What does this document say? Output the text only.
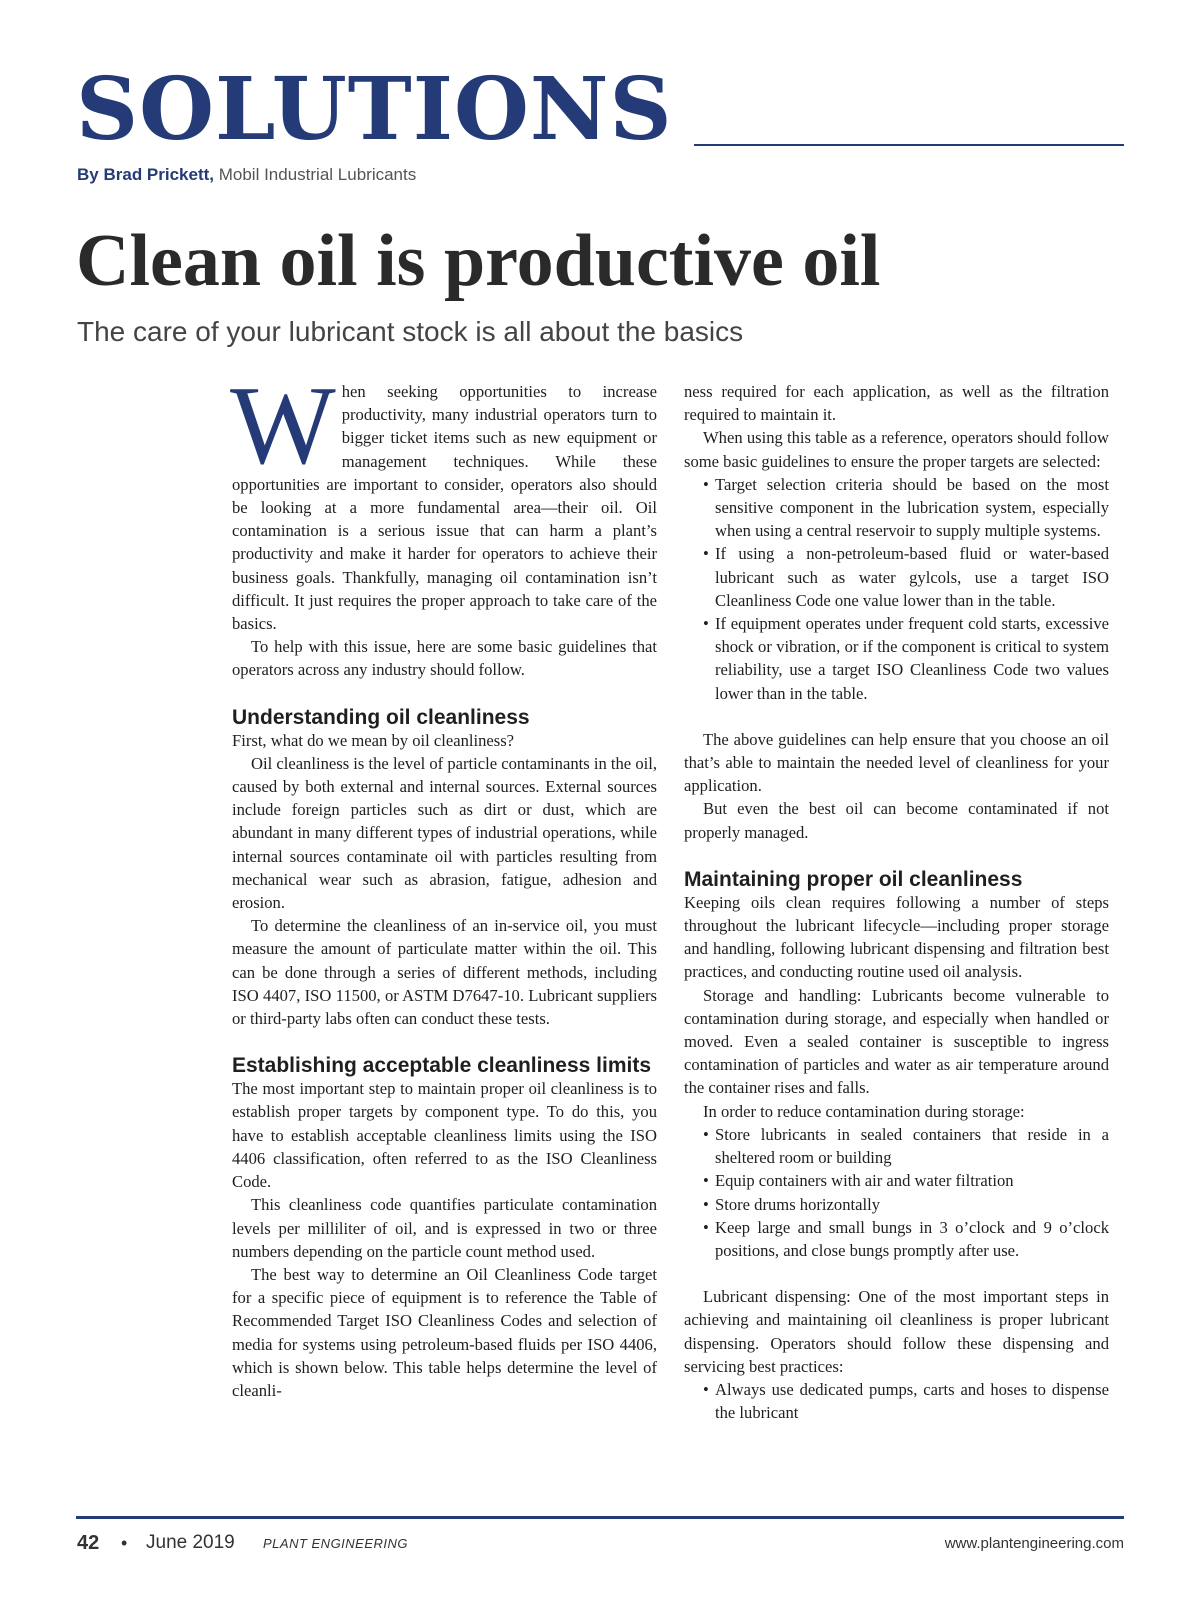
SOLUTIONS

By Brad Prickett, Mobil Industrial Lubricants

Clean oil is productive oil

The care of your lubricant stock is all about the basics

When seeking opportunities to increase productivity, many industrial operators turn to bigger ticket items such as new equipment or management techniques. While these opportunities are important to consider, operators also should be looking at a more fundamental area—their oil. Oil contamination is a serious issue that can harm a plant’s productivity and make it harder for operators to achieve their business goals. Thankfully, managing oil contamination isn’t difficult. It just requires the proper approach to take care of the basics.

To help with this issue, here are some basic guidelines that operators across any industry should follow.

Understanding oil cleanliness

First, what do we mean by oil cleanliness?

Oil cleanliness is the level of particle contaminants in the oil, caused by both external and internal sources. External sources include foreign particles such as dirt or dust, which are abundant in many different types of industrial operations, while internal sources contaminate oil with particles resulting from mechanical wear such as abrasion, fatigue, adhesion and erosion.

To determine the cleanliness of an in-service oil, you must measure the amount of particulate matter within the oil. This can be done through a series of different methods, including ISO 4407, ISO 11500, or ASTM D7647-10. Lubricant suppliers or third-party labs often can conduct these tests.

Establishing acceptable cleanliness limits

The most important step to maintain proper oil cleanliness is to establish proper targets by component type. To do this, you have to establish acceptable cleanliness limits using the ISO 4406 classification, often referred to as the ISO Cleanliness Code.

This cleanliness code quantifies particulate contamination levels per milliliter of oil, and is expressed in two or three numbers depending on the particle count method used.

The best way to determine an Oil Cleanliness Code target for a specific piece of equipment is to reference the Table of Recommended Target ISO Cleanliness Codes and selection of media for systems using petroleum-based fluids per ISO 4406, which is shown below. This table helps determine the level of cleanli-

ness required for each application, as well as the filtration required to maintain it.

When using this table as a reference, operators should follow some basic guidelines to ensure the proper targets are selected:

• Target selection criteria should be based on the most sensitive component in the lubrication system, especially when using a central reservoir to supply multiple systems.
• If using a non-petroleum-based fluid or water-based lubricant such as water gylcols, use a target ISO Cleanliness Code one value lower than in the table.
• If equipment operates under frequent cold starts, excessive shock or vibration, or if the component is critical to system reliability, use a target ISO Cleanliness Code two values lower than in the table.

The above guidelines can help ensure that you choose an oil that’s able to maintain the needed level of cleanliness for your application.

But even the best oil can become contaminated if not properly managed.

Maintaining proper oil cleanliness

Keeping oils clean requires following a number of steps throughout the lubricant lifecycle—including proper storage and handling, following lubricant dispensing and filtration best practices, and conducting routine used oil analysis.

Storage and handling: Lubricants become vulnerable to contamination during storage, and especially when handled or moved. Even a sealed container is susceptible to ingress contamination of particles and water as air temperature around the container rises and falls.

In order to reduce contamination during storage:

• Store lubricants in sealed containers that reside in a sheltered room or building
• Equip containers with air and water filtration
• Store drums horizontally
• Keep large and small bungs in 3 o’clock and 9 o’clock positions, and close bungs promptly after use.

Lubricant dispensing: One of the most important steps in achieving and maintaining oil cleanliness is proper lubricant dispensing. Operators should follow these dispensing and servicing best practices:

• Always use dedicated pumps, carts and hoses to dispense the lubricant
42 • June 2019 PLANT ENGINEERING	www.plantengineering.com
